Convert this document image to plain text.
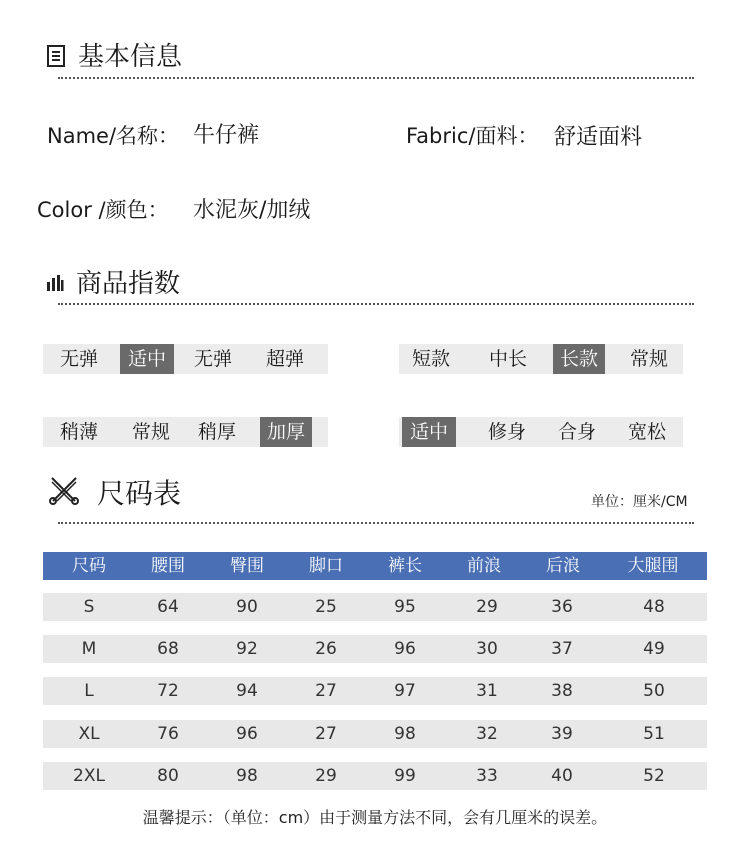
基本信息
Name/名称： 牛仔裤	Fabric/面料： 舒适面料
Color /颜色： 水泥灰/加绒
商品指数
无弹	适中	无弹	超弹	短款	中长	长款	常规
稍薄	常规	稍厚	加厚	适中	修身	合身	宽松
尺码表	单位：厘米/CM
尺码	腰围	臀围	脚口	裤长	前浪	后浪	大腿围
S	64	90	25	95	29	36	48
M	68	92	26	96	30	37	49
L	72	94	27	97	31	38	50
XL	76	96	27	98	32	39	51
2XL	80	98	29	99	33	40	52
温馨提示：（单位：cm）由于测量方法不同，会有几厘米的误差。
